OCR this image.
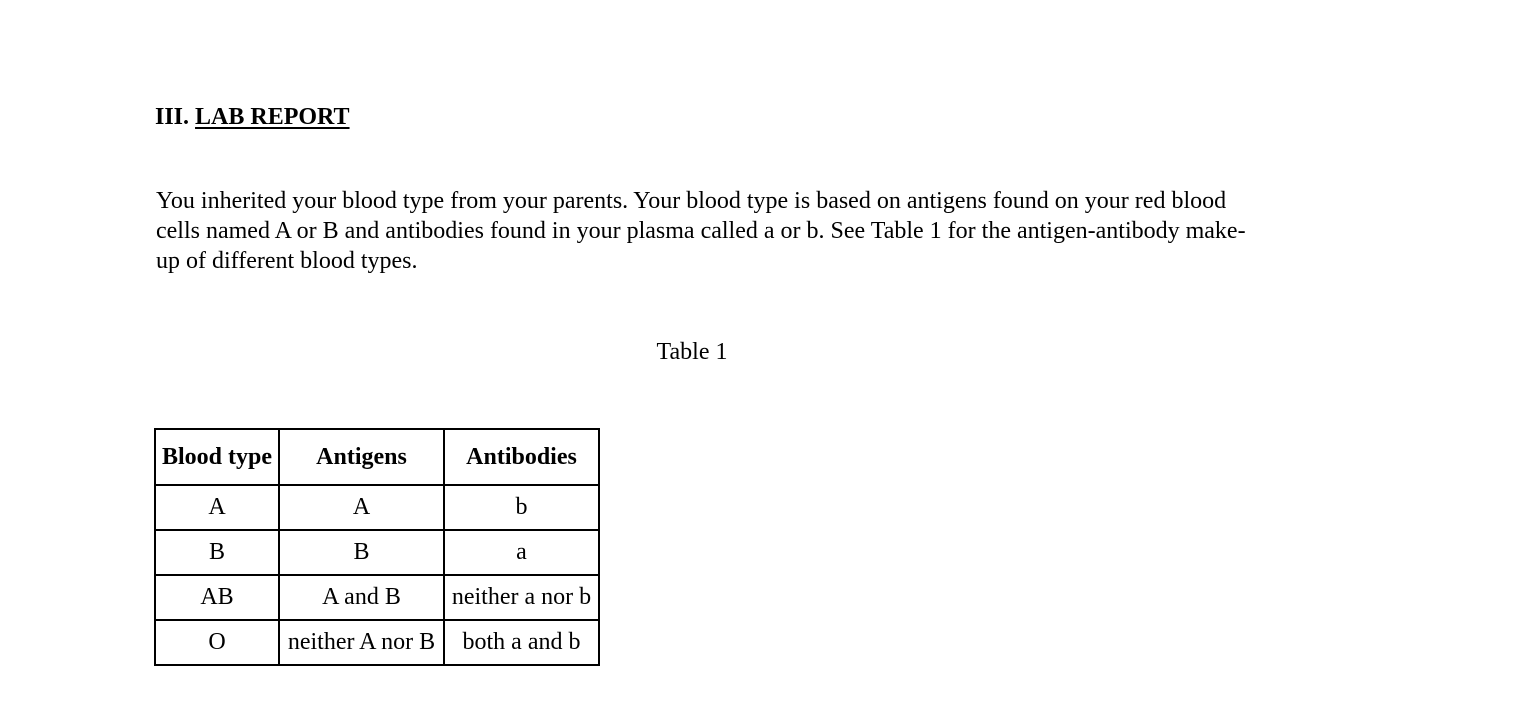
III. LAB REPORT

You inherited your blood type from your parents. Your blood type is based on antigens found on your red blood cells named A or B and antibodies found in your plasma called a or b. See Table 1 for the antigen-antibody make-up of different blood types.

Table 1
Blood type	Antigens	Antibodies
A	A	b
B	B	a
AB	A and B	neither a nor b
O	neither A nor B	both a and b
